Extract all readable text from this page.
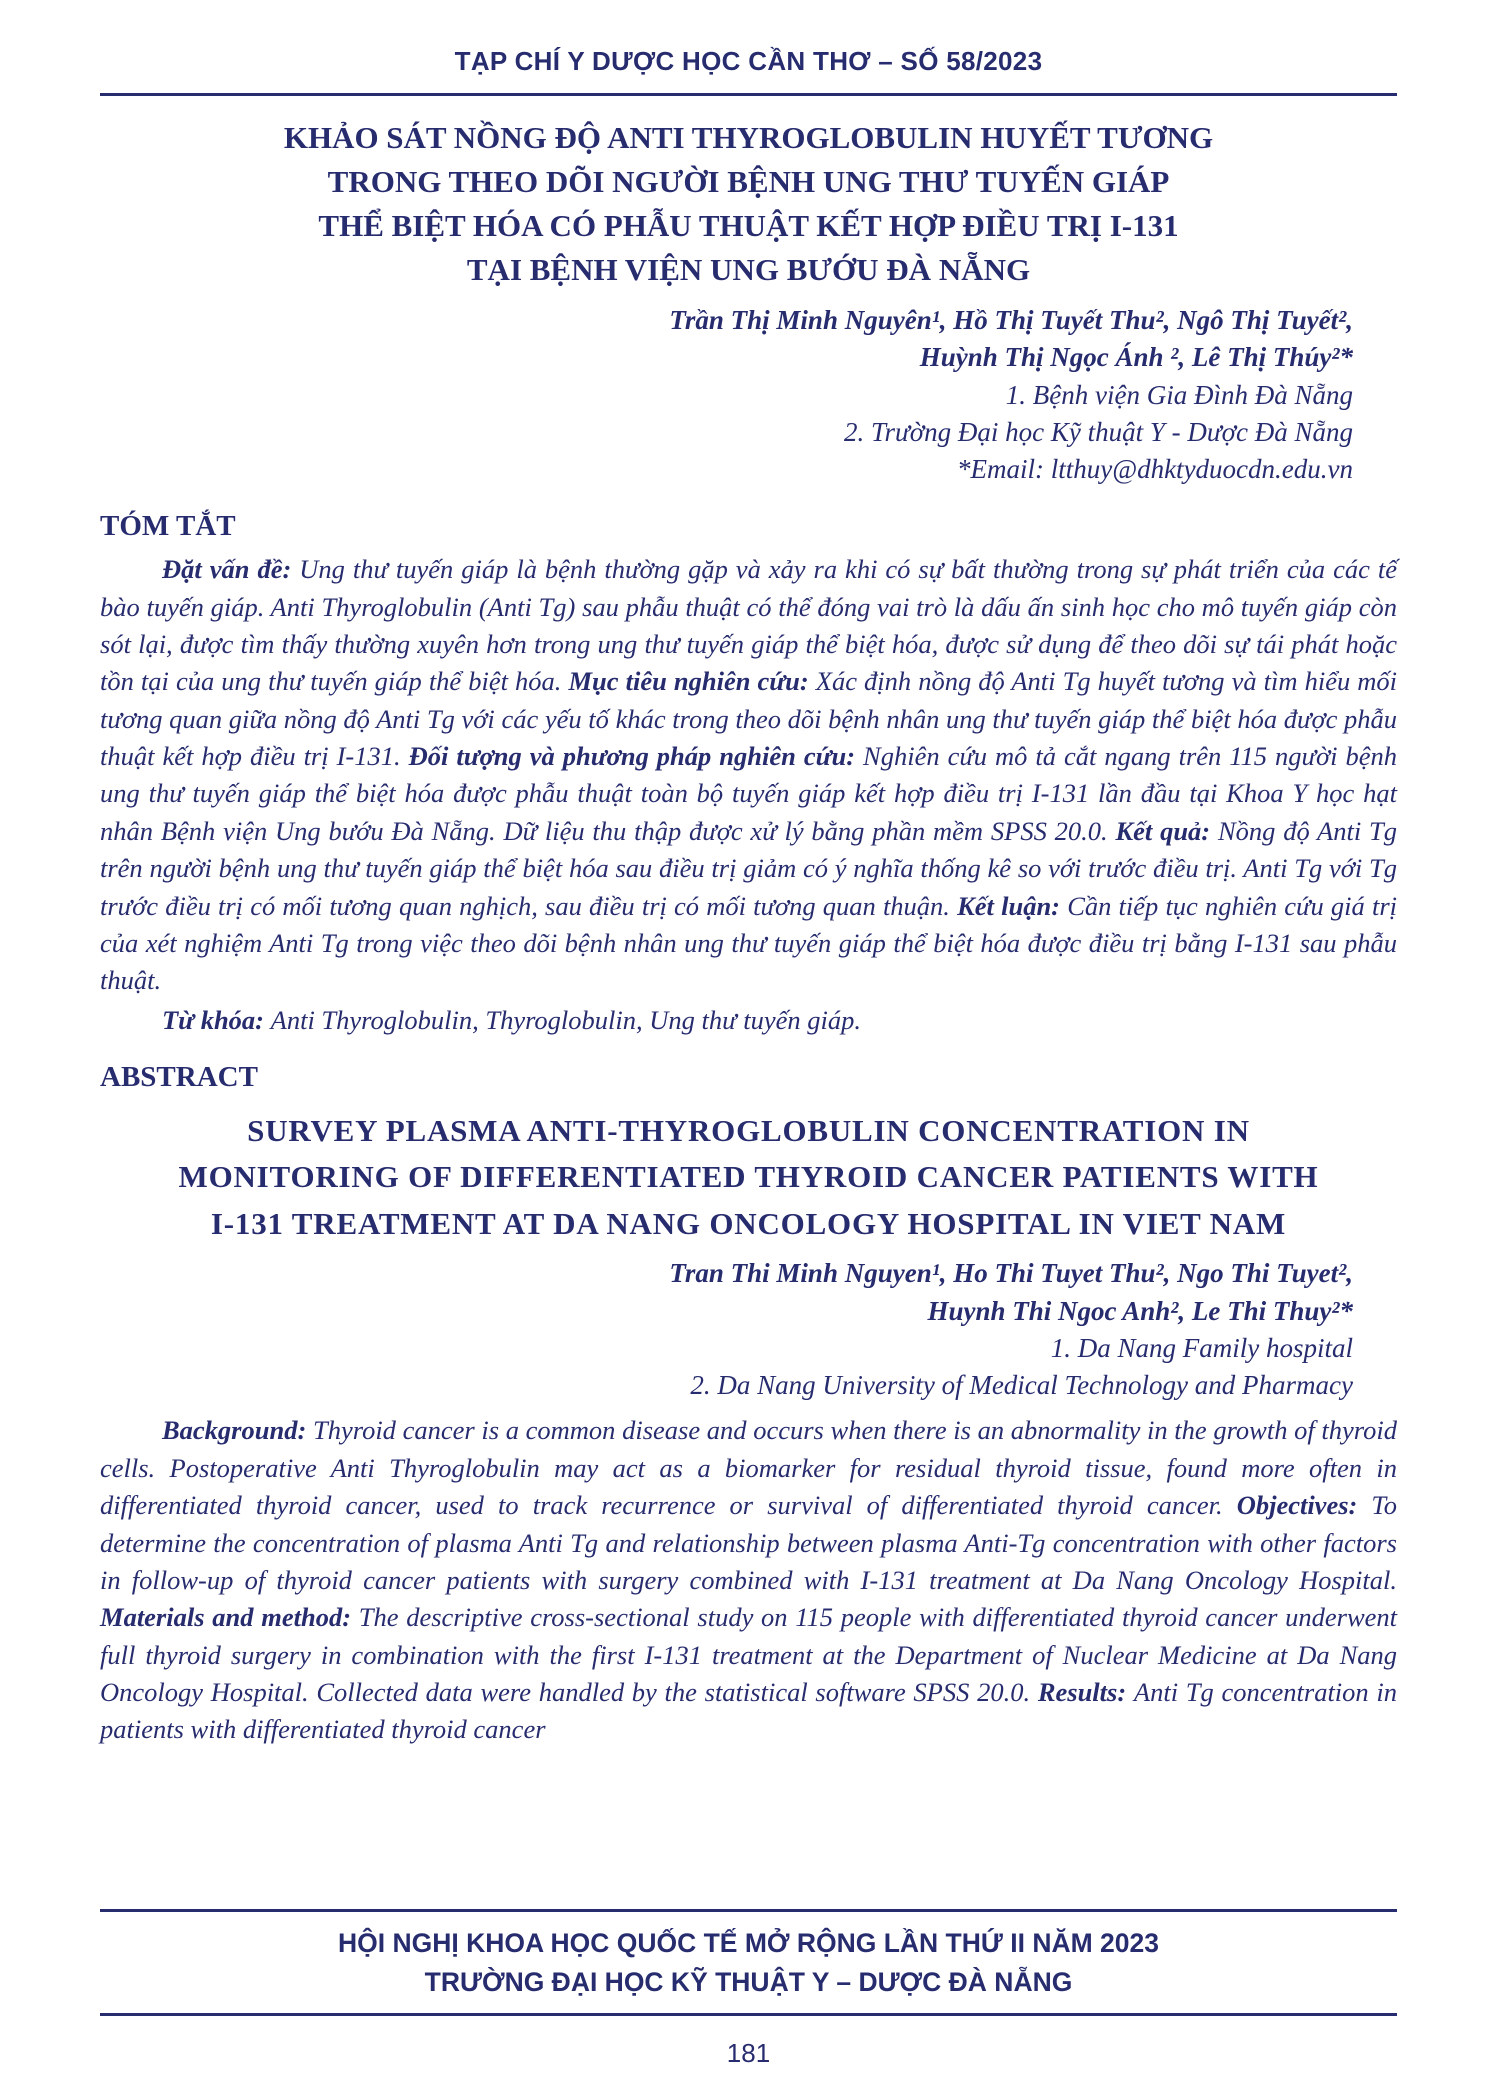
TẠP CHÍ Y DƯỢC HỌC CẦN THƠ – SỐ 58/2023
KHẢO SÁT NỒNG ĐỘ ANTI THYROGLOBULIN HUYẾT TƯƠNG
TRONG THEO DÕI NGƯỜI BỆNH UNG THƯ TUYẾN GIÁP
THỂ BIỆT HÓA CÓ PHẪU THUẬT KẾT HỢP ĐIỀU TRỊ I-131
TẠI BỆNH VIỆN UNG BƯỚU ĐÀ NẴNG
Trần Thị Minh Nguyên¹, Hồ Thị Tuyết Thu², Ngô Thị Tuyết²,
Huỳnh Thị Ngọc Ánh ², Lê Thị Thúy²*
1. Bệnh viện Gia Đình Đà Nẵng
2. Trường Đại học Kỹ thuật Y - Dược Đà Nẵng
*Email: ltthuy@dhktyduocdn.edu.vn
TÓM TẮT

Đặt vấn đề: Ung thư tuyến giáp là bệnh thường gặp và xảy ra khi có sự bất thường trong sự phát triển của các tế bào tuyến giáp. Anti Thyroglobulin (Anti Tg) sau phẫu thuật có thể đóng vai trò là dấu ấn sinh học cho mô tuyến giáp còn sót lại, được tìm thấy thường xuyên hơn trong ung thư tuyến giáp thể biệt hóa, được sử dụng để theo dõi sự tái phát hoặc tồn tại của ung thư tuyến giáp thể biệt hóa. Mục tiêu nghiên cứu: Xác định nồng độ Anti Tg huyết tương và tìm hiểu mối tương quan giữa nồng độ Anti Tg với các yếu tố khác trong theo dõi bệnh nhân ung thư tuyến giáp thể biệt hóa được phẫu thuật kết hợp điều trị I-131. Đối tượng và phương pháp nghiên cứu: Nghiên cứu mô tả cắt ngang trên 115 người bệnh ung thư tuyến giáp thể biệt hóa được phẫu thuật toàn bộ tuyến giáp kết hợp điều trị I-131 lần đầu tại Khoa Y học hạt nhân Bệnh viện Ung bướu Đà Nẵng. Dữ liệu thu thập được xử lý bằng phần mềm SPSS 20.0. Kết quả: Nồng độ Anti Tg trên người bệnh ung thư tuyến giáp thể biệt hóa sau điều trị giảm có ý nghĩa thống kê so với trước điều trị. Anti Tg với Tg trước điều trị có mối tương quan nghịch, sau điều trị có mối tương quan thuận. Kết luận: Cần tiếp tục nghiên cứu giá trị của xét nghiệm Anti Tg trong việc theo dõi bệnh nhân ung thư tuyến giáp thể biệt hóa được điều trị bằng I-131 sau phẫu thuật.

Từ khóa: Anti Thyroglobulin, Thyroglobulin, Ung thư tuyến giáp.

ABSTRACT
SURVEY PLASMA ANTI-THYROGLOBULIN CONCENTRATION IN MONITORING OF DIFFERENTIATED THYROID CANCER PATIENTS WITH I-131 TREATMENT AT DA NANG ONCOLOGY HOSPITAL IN VIET NAM
Tran Thi Minh Nguyen¹, Ho Thi Tuyet Thu², Ngo Thi Tuyet²,
Huynh Thi Ngoc Anh², Le Thi Thuy²*
1. Da Nang Family hospital
2. Da Nang University of Medical Technology and Pharmacy

Background: Thyroid cancer is a common disease and occurs when there is an abnormality in the growth of thyroid cells. Postoperative Anti Thyroglobulin may act as a biomarker for residual thyroid tissue, found more often in differentiated thyroid cancer, used to track recurrence or survival of differentiated thyroid cancer. Objectives: To determine the concentration of plasma Anti Tg and relationship between plasma Anti-Tg concentration with other factors in follow-up of thyroid cancer patients with surgery combined with I-131 treatment at Da Nang Oncology Hospital. Materials and method: The descriptive cross-sectional study on 115 people with differentiated thyroid cancer underwent full thyroid surgery in combination with the first I-131 treatment at the Department of Nuclear Medicine at Da Nang Oncology Hospital. Collected data were handled by the statistical software SPSS 20.0. Results: Anti Tg concentration in patients with differentiated thyroid cancer

HỘI NGHỊ KHOA HỌC QUỐC TẾ MỞ RỘNG LẦN THỨ II NĂM 2023
TRƯỜNG ĐẠI HỌC KỸ THUẬT Y – DƯỢC ĐÀ NẴNG
181
